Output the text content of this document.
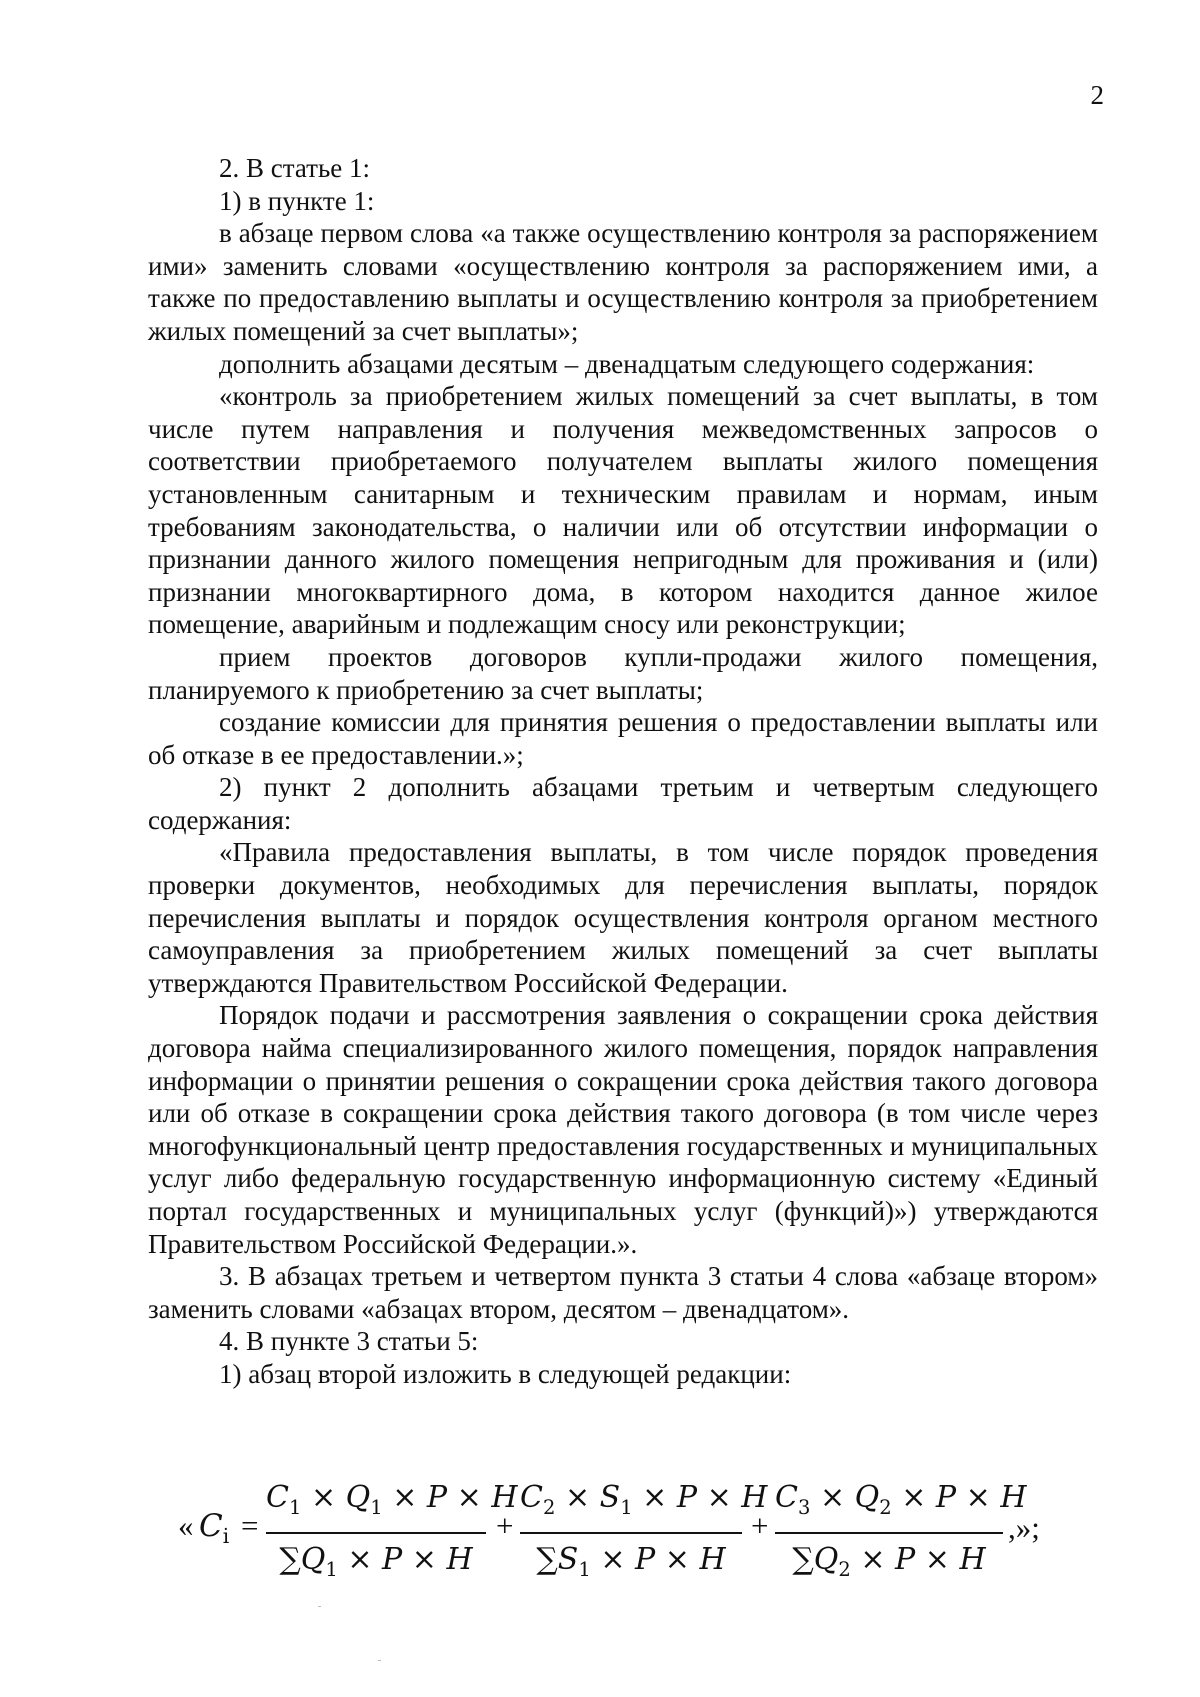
2

2. В статье 1:

1) в пункте 1:

в абзаце первом слова «а также осуществлению контроля за распоряжением ими» заменить словами «осуществлению контроля за распоряжением ими, а также по предоставлению выплаты и осуществлению контроля за приобретением жилых помещений за счет выплаты»;

дополнить абзацами десятым – двенадцатым следующего содержания:

«контроль за приобретением жилых помещений за счет выплаты, в том числе путем направления и получения межведомственных запросов о соответствии приобретаемого получателем выплаты жилого помещения установленным санитарным и техническим правилам и нормам, иным требованиям законодательства, о наличии или об отсутствии информации о признании данного жилого помещения непригодным для проживания и (или) признании многоквартирного дома, в котором находится данное жилое помещение, аварийным и подлежащим сносу или реконструкции;

прием проектов договоров купли-продажи жилого помещения, планируемого к приобретению за счет выплаты;

создание комиссии для принятия решения о предоставлении выплаты или об отказе в ее предоставлении.»;

2) пункт 2 дополнить абзацами третьим и четвертым следующего содержания:

«Правила предоставления выплаты, в том числе порядок проведения проверки документов, необходимых для перечисления выплаты, порядок перечисления выплаты и порядок осуществления контроля органом местного самоуправления за приобретением жилых помещений за счет выплаты утверждаются Правительством Российской Федерации.

Порядок подачи и рассмотрения заявления о сокращении срока действия договора найма специализированного жилого помещения, порядок направления информации о принятии решения о сокращении срока действия такого договора или об отказе в сокращении срока действия такого договора (в том числе через многофункциональный центр предоставления государственных и муниципальных услуг либо федеральную государственную информационную систему «Единый портал государственных и муниципальных услуг (функций)») утверждаются Правительством Российской Федерации.».

3. В абзацах третьем и четвертом пункта 3 статьи 4 слова «абзаце втором» заменить словами «абзацах втором, десятом – двенадцатом».

4. В пункте 3 статьи 5:

1) абзац второй изложить в следующей редакции:

« $C_i = \frac{C_1 \times Q_1 \times P \times H}{\sum Q_1 \times P \times H} + \frac{C_2 \times S_1 \times P \times H}{\sum S_1 \times P \times H} + \frac{C_3 \times Q_2 \times P \times H}{\sum Q_2 \times P \times H}$ ,»;
